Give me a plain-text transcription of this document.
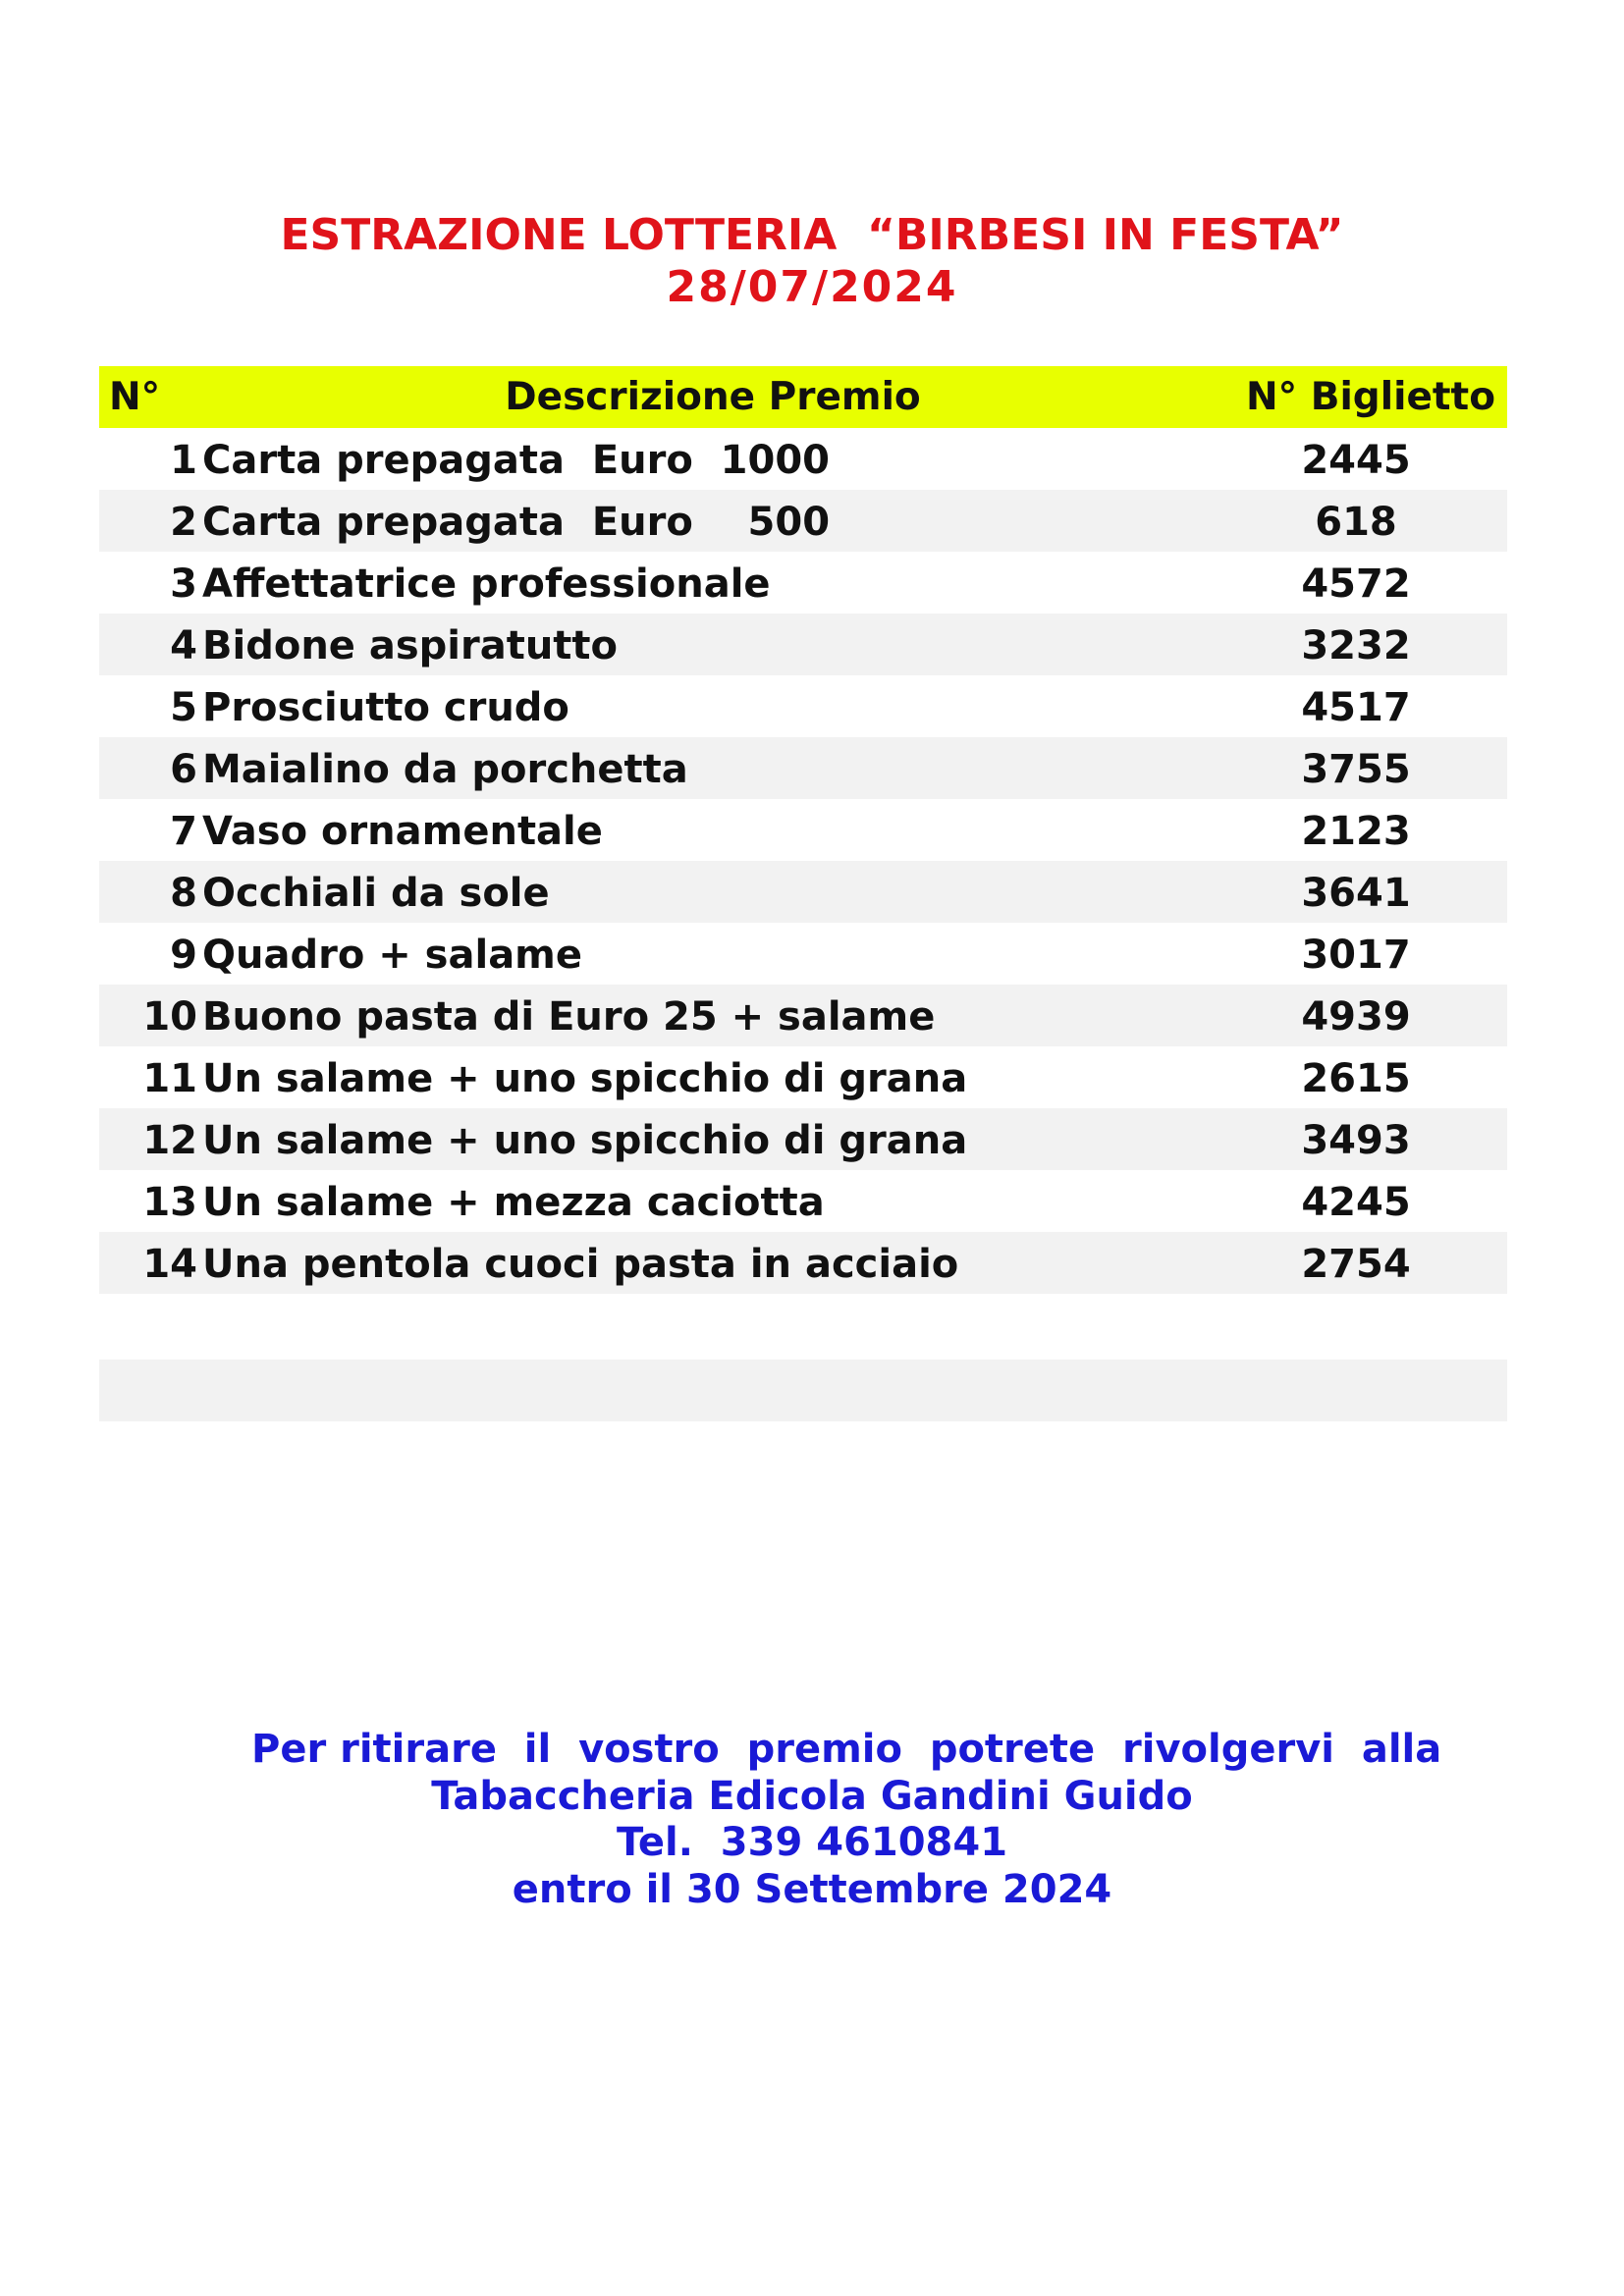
ESTRAZIONE LOTTERIA  “BIRBESI IN FESTA”
28/07/2024
N°	Descrizione Premio	N° Biglietto
1 Carta prepagata  Euro  1000	2445
2 Carta prepagata  Euro    500	618
3 Affettatrice professionale	4572
4 Bidone aspiratutto	3232
5 Prosciutto crudo	4517
6 Maialino da porchetta	3755
7 Vaso ornamentale	2123
8 Occhiali da sole	3641
9 Quadro + salame	3017
10 Buono pasta di Euro 25 + salame	4939
11 Un salame + uno spicchio di grana	2615
12 Un salame + uno spicchio di grana	3493
13 Un salame + mezza caciotta	4245
14 Una pentola cuoci pasta in acciaio	2754

Per ritirare  il  vostro  premio  potrete  rivolgervi  alla

Tabaccheria Edicola Gandini Guido

Tel.  339 4610841

entro il 30 Settembre 2024
